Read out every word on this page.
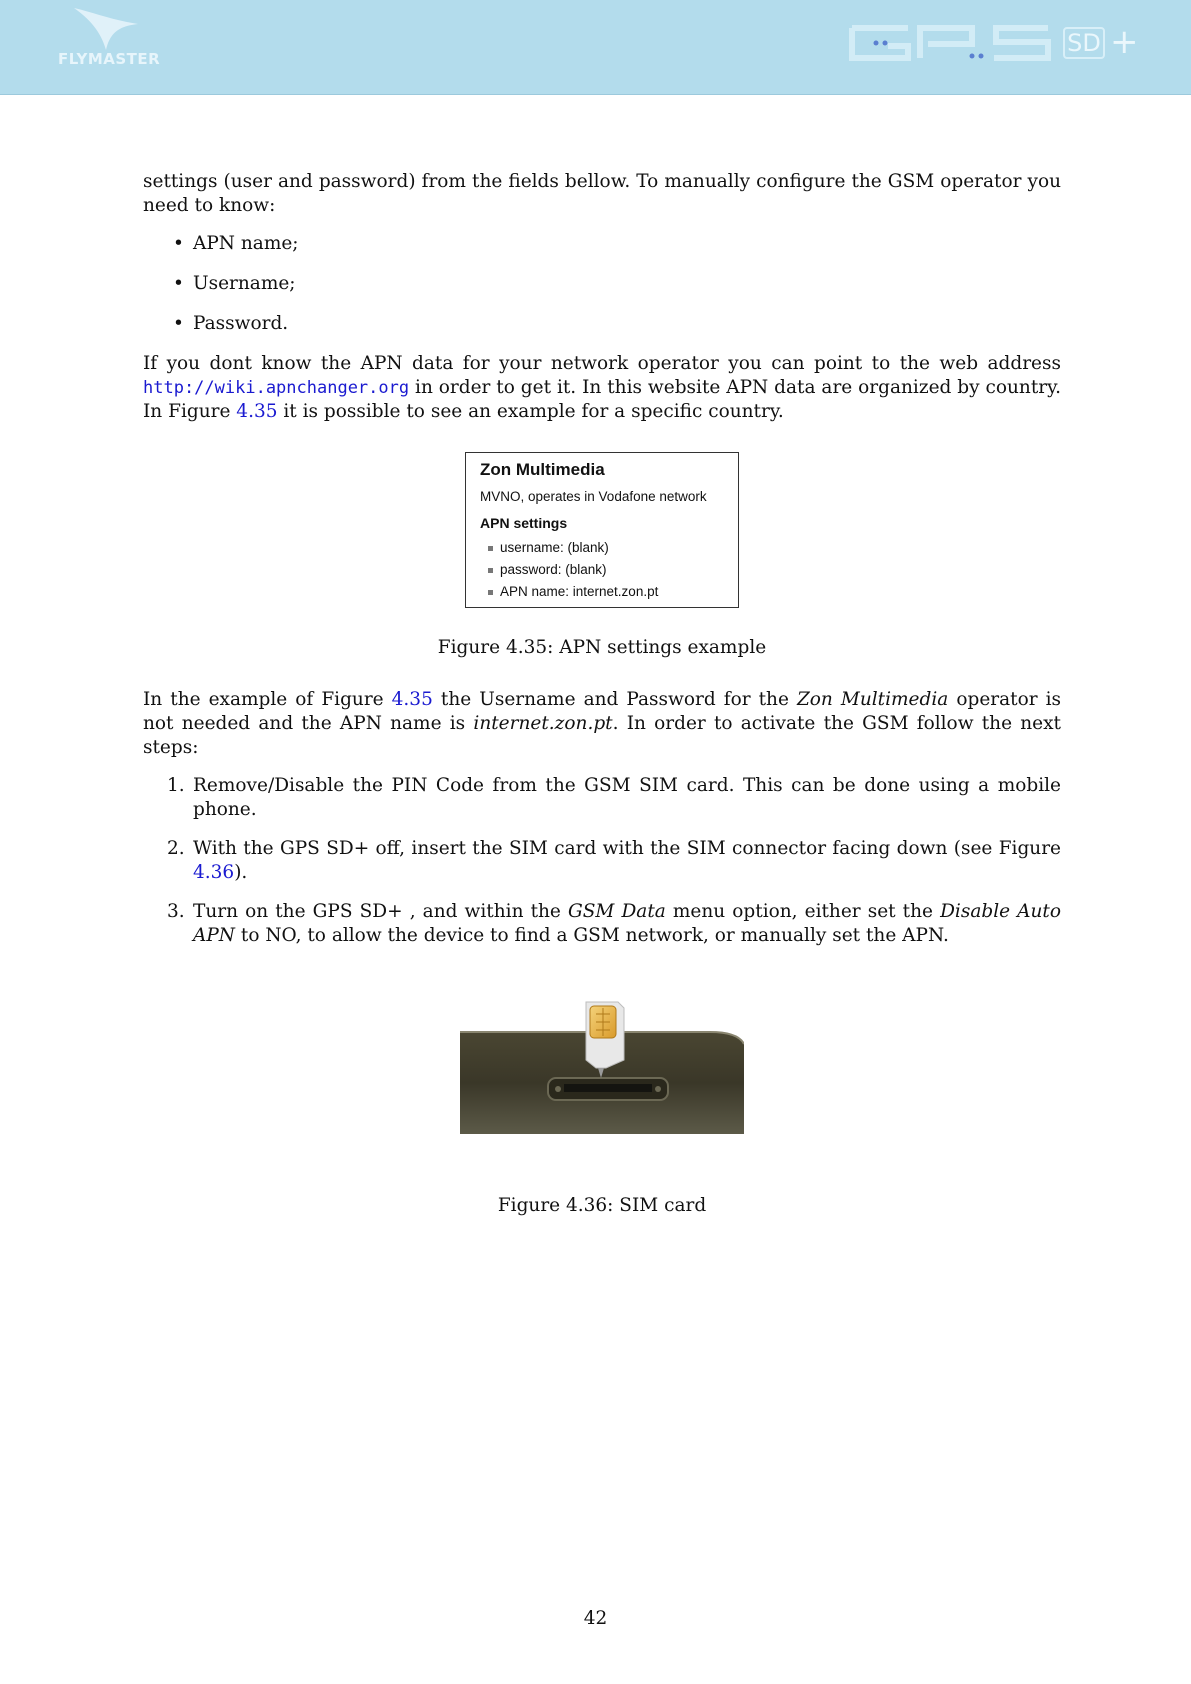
FLYMASTER
SD +

settings (user and password) from the fields bellow. To manually configure the GSM operator you need to know:

• APN name;
• Username;
• Password.

If you dont know the APN data for your network operator you can point to the web address http://wiki.apnchanger.org in order to get it. In this website APN data are organized by country. In Figure 4.35 it is possible to see an example for a specific country.

Zon Multimedia
MVNO, operates in Vodafone network
APN settings
username: (blank)
password: (blank)
APN name: internet.zon.pt
Figure 4.35: APN settings example

In the example of Figure 4.35 the Username and Password for the Zon Multimedia operator is not needed and the APN name is internet.zon.pt. In order to activate the GSM follow the next steps:

1. Remove/Disable the PIN Code from the GSM SIM card. This can be done using a mobile phone.
2. With the GPS SD+ off, insert the SIM card with the SIM connector facing down (see Figure 4.36).
3. Turn on the GPS SD+ , and within the GSM Data menu option, either set the Disable Auto APN to NO, to allow the device to find a GSM network, or manually set the APN.
Figure 4.36: SIM card
42
